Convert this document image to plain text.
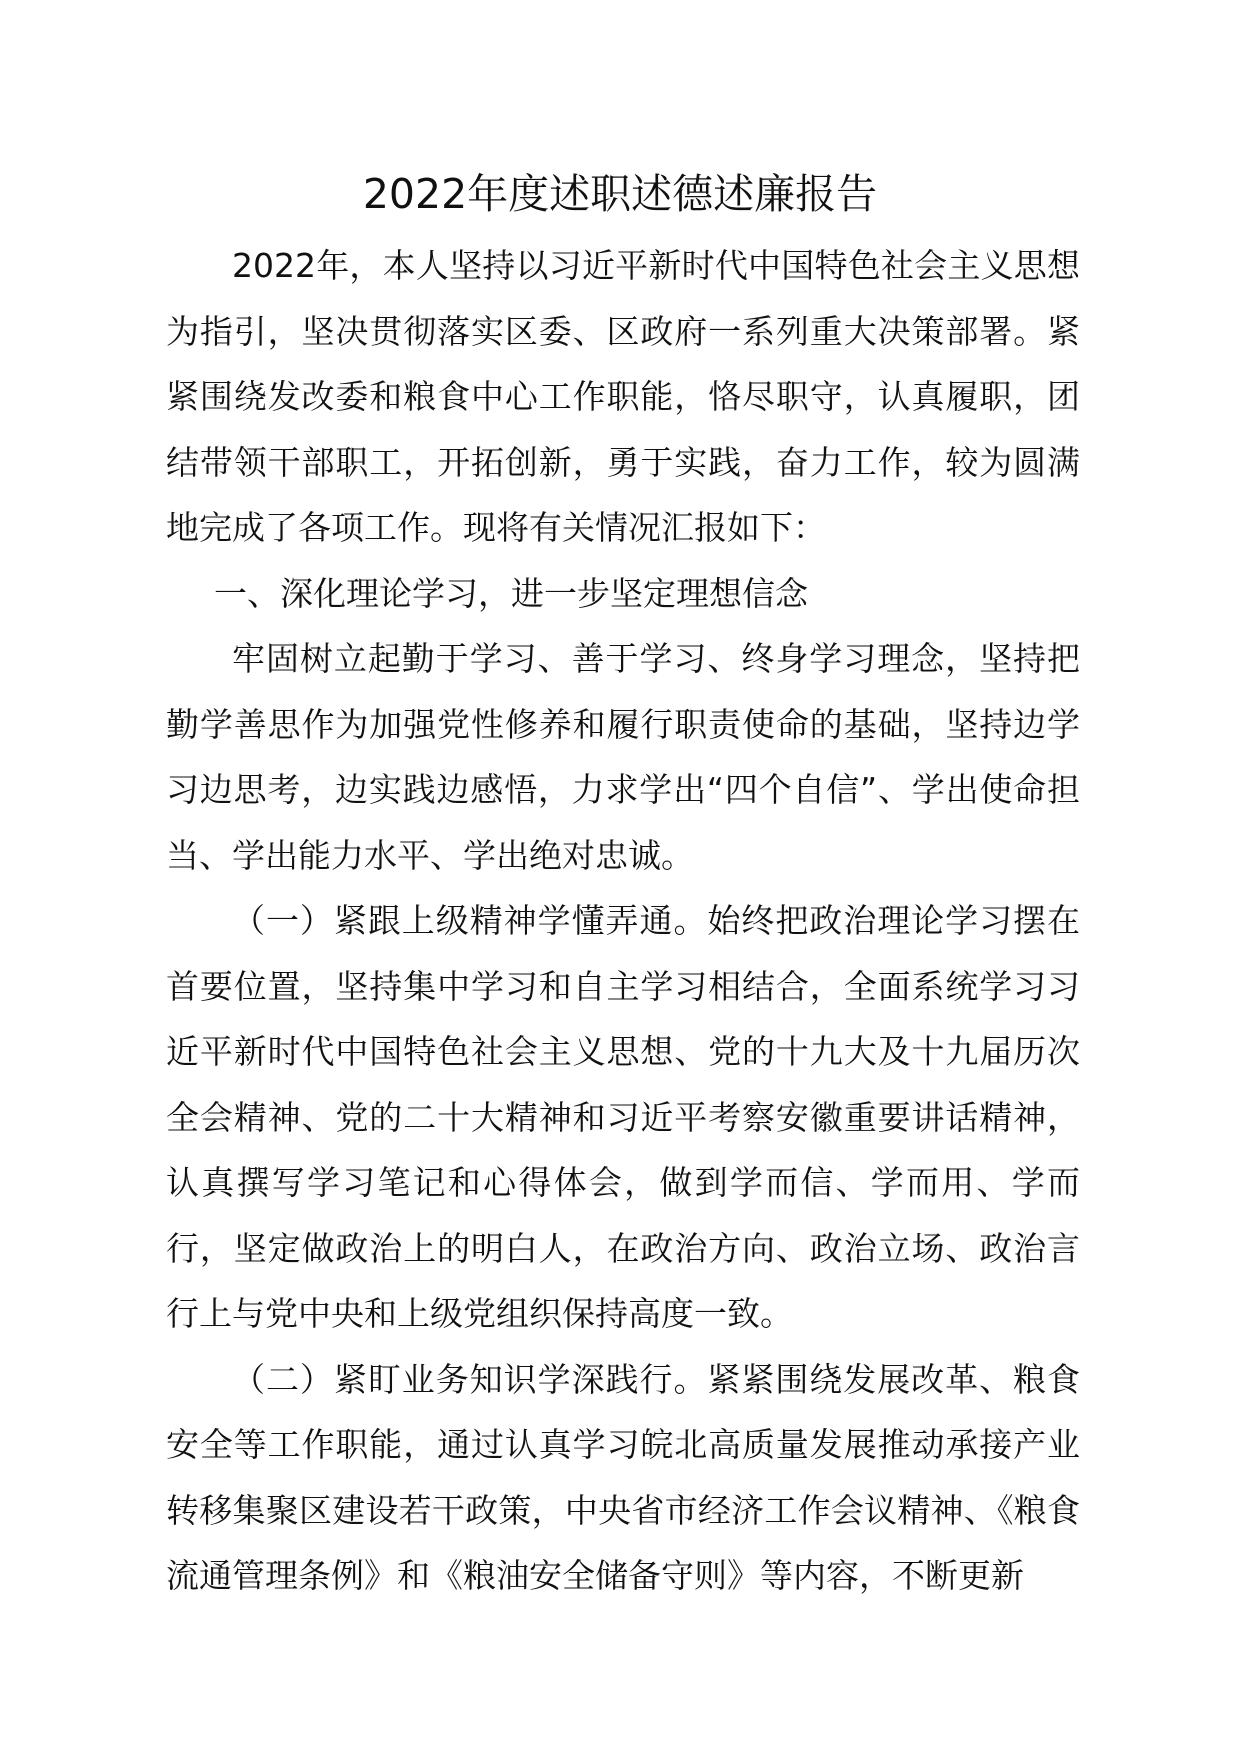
2022年度述职述德述廉报告

2022年，本人坚持以习近平新时代中国特色社会主义思想为指引，坚决贯彻落实区委、区政府一系列重大决策部署。紧紧围绕发改委和粮食中心工作职能，恪尽职守，认真履职，团结带领干部职工，开拓创新，勇于实践，奋力工作，较为圆满地完成了各项工作。现将有关情况汇报如下：

一、深化理论学习，进一步坚定理想信念

牢固树立起勤于学习、善于学习、终身学习理念，坚持把勤学善思作为加强党性修养和履行职责使命的基础，坚持边学习边思考，边实践边感悟，力求学出“四个自信”、学出使命担当、学出能力水平、学出绝对忠诚。

（一）紧跟上级精神学懂弄通。始终把政治理论学习摆在首要位置，坚持集中学习和自主学习相结合，全面系统学习习近平新时代中国特色社会主义思想、党的十九大及十九届历次全会精神、党的二十大精神和习近平考察安徽重要讲话精神，认真撰写学习笔记和心得体会，做到学而信、学而用、学而行，坚定做政治上的明白人，在政治方向、政治立场、政治言行上与党中央和上级党组织保持高度一致。

（二）紧盯业务知识学深践行。紧紧围绕发展改革、粮食安全等工作职能，通过认真学习皖北高质量发展推动承接产业转移集聚区建设若干政策，中央省市经济工作会议精神、《粮食流通管理条例》和《粮油安全储备守则》等内容，不断更新
